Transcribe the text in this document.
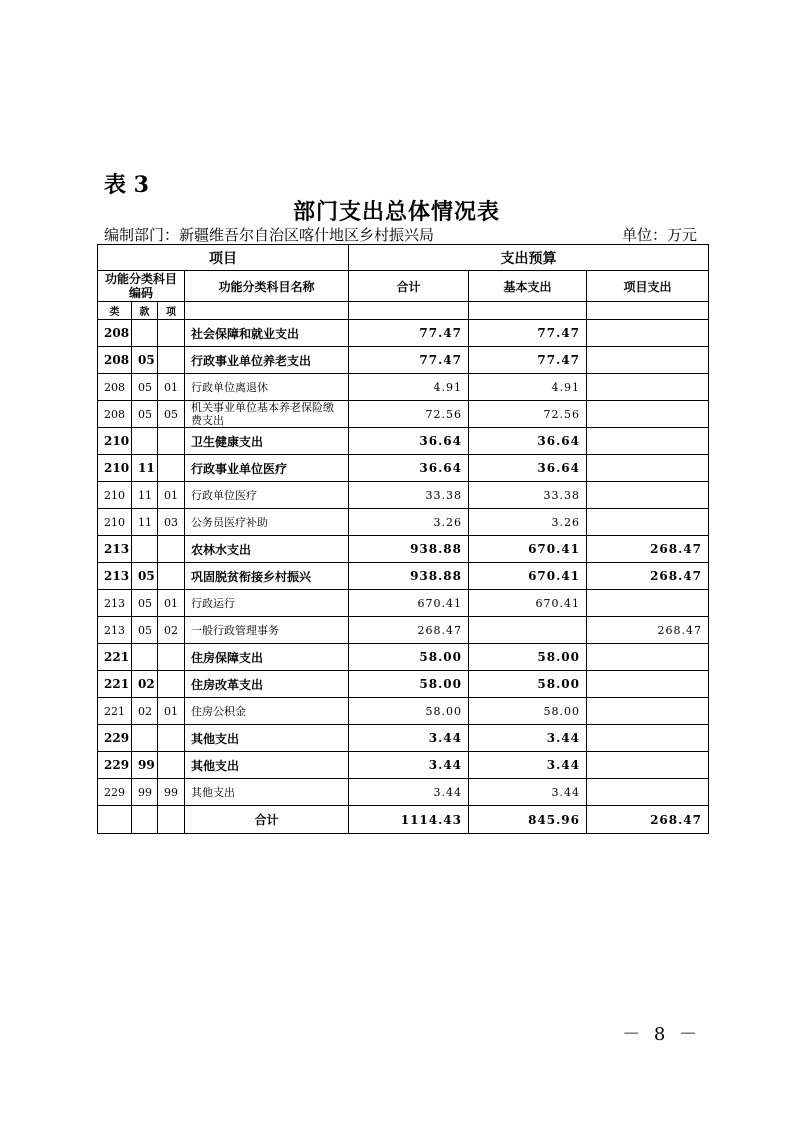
表 3
部门支出总体情况表
编制部门：新疆维吾尔自治区喀什地区乡村振兴局	单位：万元
项目				支出预算		
功能分类科目编码			功能分类科目名称	合计	基本支出	项目支出
类	款	项				
208			社会保障和就业支出	77.47	77.47	
208	05		行政事业单位养老支出	77.47	77.47	
208	05	01	行政单位离退休	4.91	4.91	
208	05	05	机关事业单位基本养老保险缴费支出	72.56	72.56	
210			卫生健康支出	36.64	36.64	
210	11		行政事业单位医疗	36.64	36.64	
210	11	01	行政单位医疗	33.38	33.38	
210	11	03	公务员医疗补助	3.26	3.26	
213			农林水支出	938.88	670.41	268.47
213	05		巩固脱贫衔接乡村振兴	938.88	670.41	268.47
213	05	01	行政运行	670.41	670.41	
213	05	02	一般行政管理事务	268.47		268.47
221			住房保障支出	58.00	58.00	
221	02		住房改革支出	58.00	58.00	
221	02	01	住房公积金	58.00	58.00	
229			其他支出	3.44	3.44	
229	99		其他支出	3.44	3.44	
229	99	99	其他支出	3.44	3.44	
			合计	1114.43	845.96	268.47
－ 8 －
